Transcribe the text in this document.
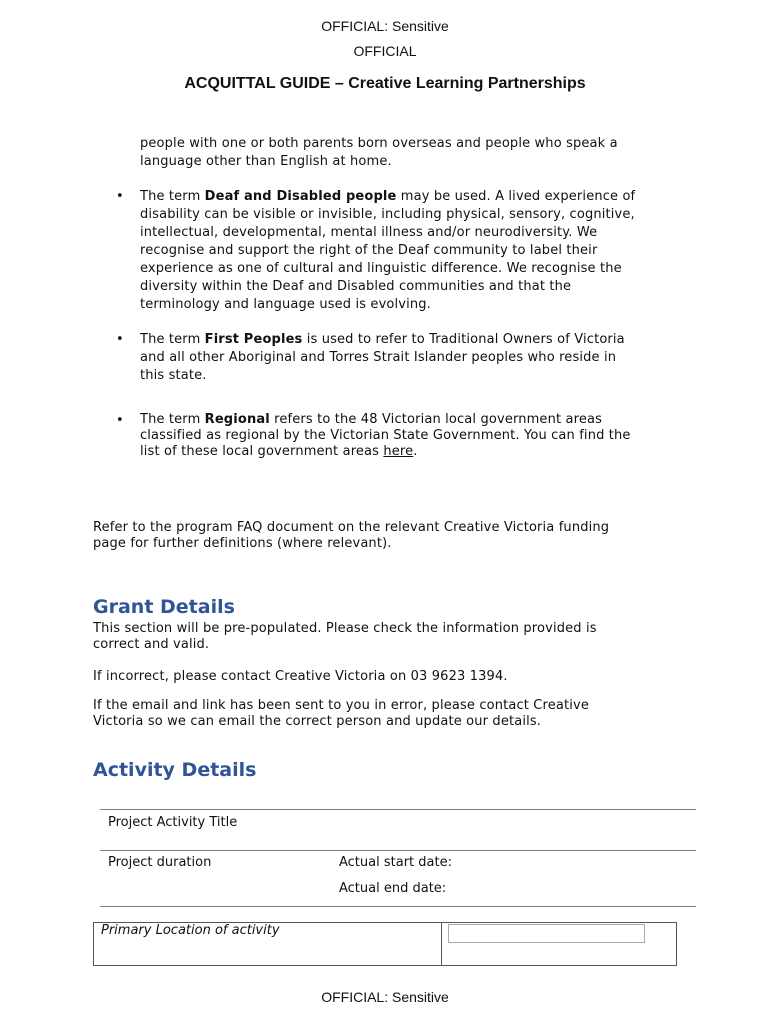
OFFICIAL: Sensitive
OFFICIAL
ACQUITTAL GUIDE – Creative Learning Partnerships
people with one or both parents born overseas and people who speak a
language other than English at home.
• The term Deaf and Disabled people may be used. A lived experience of
disability can be visible or invisible, including physical, sensory, cognitive,
intellectual, developmental, mental illness and/or neurodiversity. We
recognise and support the right of the Deaf community to label their
experience as one of cultural and linguistic difference. We recognise the
diversity within the Deaf and Disabled communities and that the
terminology and language used is evolving.
• The term First Peoples is used to refer to Traditional Owners of Victoria
and all other Aboriginal and Torres Strait Islander peoples who reside in
this state.
• The term Regional refers to the 48 Victorian local government areas
classified as regional by the Victorian State Government. You can find the
list of these local government areas here.
Refer to the program FAQ document on the relevant Creative Victoria funding
page for further definitions (where relevant).
Grant Details
This section will be pre-populated. Please check the information provided is
correct and valid.
If incorrect, please contact Creative Victoria on 03 9623 1394.
If the email and link has been sent to you in error, please contact Creative
Victoria so we can email the correct person and update our details.
Activity Details
Project Activity Title
Project duration	Actual start date:
Actual end date:
Primary Location of activity
OFFICIAL: Sensitive
